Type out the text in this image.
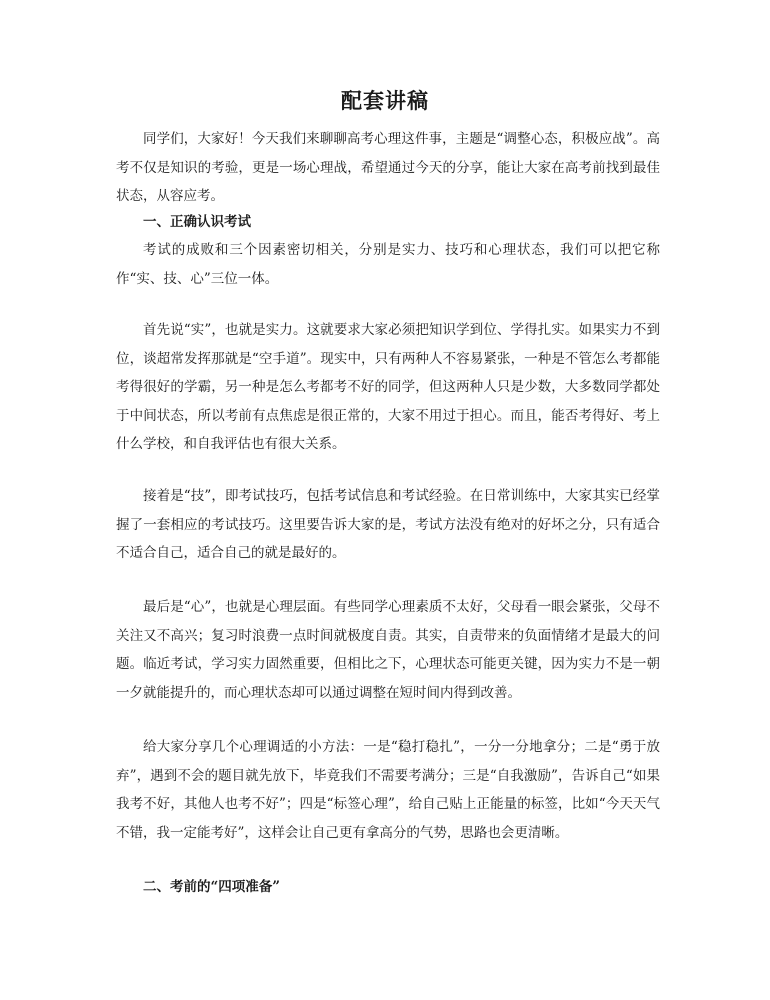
配套讲稿

同学们，大家好！今天我们来聊聊高考心理这件事，主题是“调整心态，积极应战”。高考不仅是知识的考验，更是一场心理战，希望通过今天的分享，能让大家在高考前找到最佳状态，从容应考。

一、正确认识考试

考试的成败和三个因素密切相关，分别是实力、技巧和心理状态，我们可以把它称作“实、技、心”三位一体。

首先说“实”，也就是实力。这就要求大家必须把知识学到位、学得扎实。如果实力不到位，谈超常发挥那就是“空手道”。现实中，只有两种人不容易紧张，一种是不管怎么考都能考得很好的学霸，另一种是怎么考都考不好的同学，但这两种人只是少数，大多数同学都处于中间状态，所以考前有点焦虑是很正常的，大家不用过于担心。而且，能否考得好、考上什么学校，和自我评估也有很大关系。

接着是“技”，即考试技巧，包括考试信息和考试经验。在日常训练中，大家其实已经掌握了一套相应的考试技巧。这里要告诉大家的是，考试方法没有绝对的好坏之分，只有适合不适合自己，适合自己的就是最好的。

最后是“心”，也就是心理层面。有些同学心理素质不太好，父母看一眼会紧张，父母不关注又不高兴；复习时浪费一点时间就极度自责。其实，自责带来的负面情绪才是最大的问题。临近考试，学习实力固然重要，但相比之下，心理状态可能更关键，因为实力不是一朝一夕就能提升的，而心理状态却可以通过调整在短时间内得到改善。

给大家分享几个心理调适的小方法：一是“稳打稳扎”，一分一分地拿分；二是“勇于放弃”，遇到不会的题目就先放下，毕竟我们不需要考满分；三是“自我激励”，告诉自己“如果我考不好，其他人也考不好”；四是“标签心理”，给自己贴上正能量的标签，比如“今天天气不错，我一定能考好”，这样会让自己更有拿高分的气势，思路也会更清晰。

二、考前的“四项准备”
